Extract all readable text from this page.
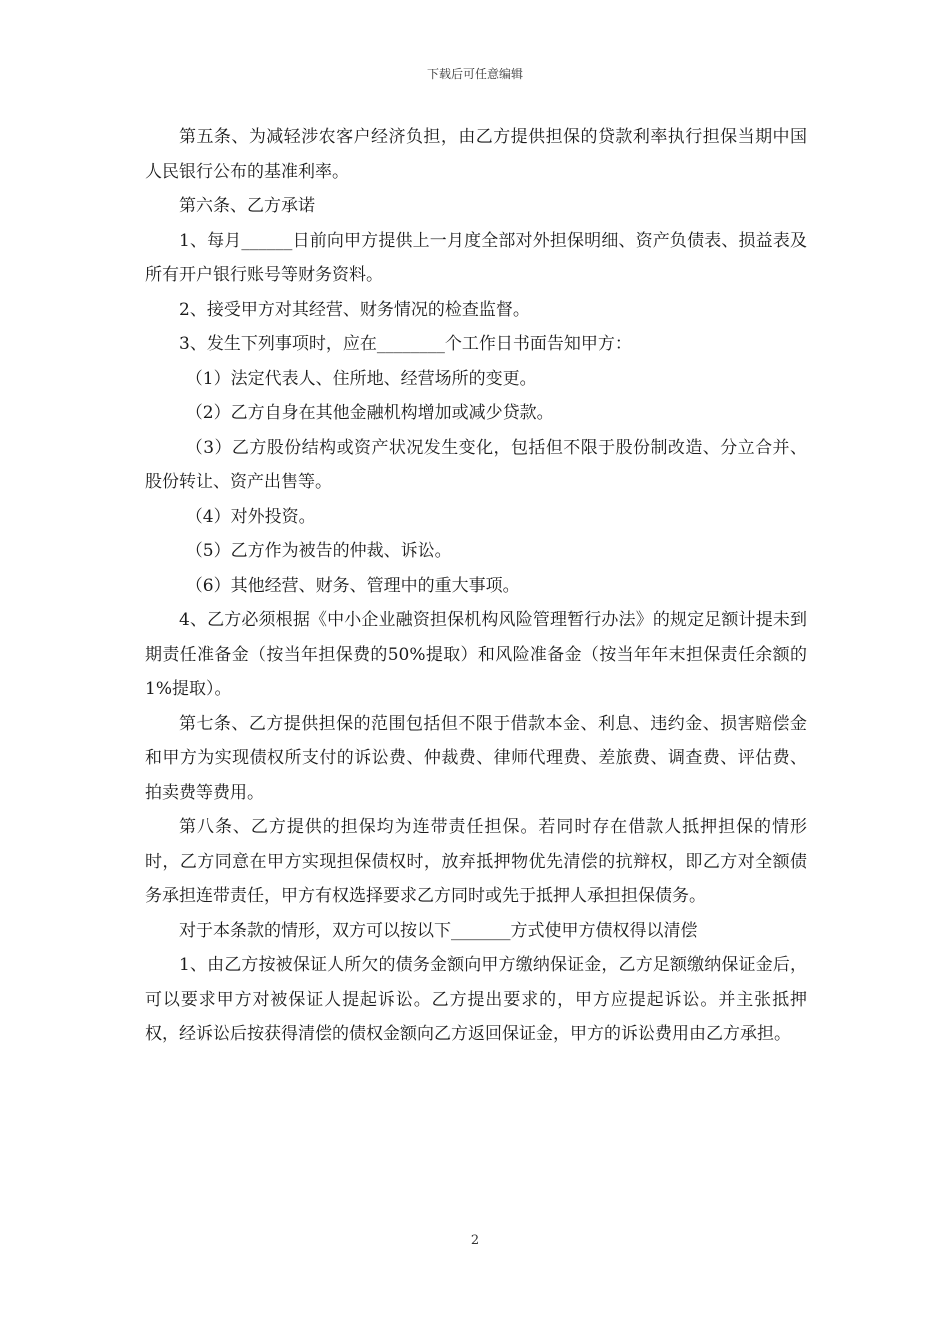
下载后可任意编辑

第五条、为减轻涉农客户经济负担，由乙方提供担保的贷款利率执行担保当期中国人民银行公布的基准利率。

第六条、乙方承诺

1、每月______日前向甲方提供上一月度全部对外担保明细、资产负债表、损益表及所有开户银行账号等财务资料。

2、接受甲方对其经营、财务情况的检查监督。

3、发生下列事项时，应在________个工作日书面告知甲方：

（1）法定代表人、住所地、经营场所的变更。

（2）乙方自身在其他金融机构增加或减少贷款。

（3）乙方股份结构或资产状况发生变化，包括但不限于股份制改造、分立合并、股份转让、资产出售等。

（4）对外投资。

（5）乙方作为被告的仲裁、诉讼。

（6）其他经营、财务、管理中的重大事项。

4、乙方必须根据《中小企业融资担保机构风险管理暂行办法》的规定足额计提未到期责任准备金（按当年担保费的50%提取）和风险准备金（按当年年末担保责任余额的1%提取）。

第七条、乙方提供担保的范围包括但不限于借款本金、利息、违约金、损害赔偿金和甲方为实现债权所支付的诉讼费、仲裁费、律师代理费、差旅费、调查费、评估费、拍卖费等费用。

第八条、乙方提供的担保均为连带责任担保。若同时存在借款人抵押担保的情形时，乙方同意在甲方实现担保债权时，放弃抵押物优先清偿的抗辩权，即乙方对全额债务承担连带责任，甲方有权选择要求乙方同时或先于抵押人承担担保债务。

对于本条款的情形，双方可以按以下_______方式使甲方债权得以清偿

1、由乙方按被保证人所欠的债务金额向甲方缴纳保证金，乙方足额缴纳保证金后，可以要求甲方对被保证人提起诉讼。乙方提出要求的，甲方应提起诉讼。并主张抵押权，经诉讼后按获得清偿的债权金额向乙方返回保证金，甲方的诉讼费用由乙方承担。

2
